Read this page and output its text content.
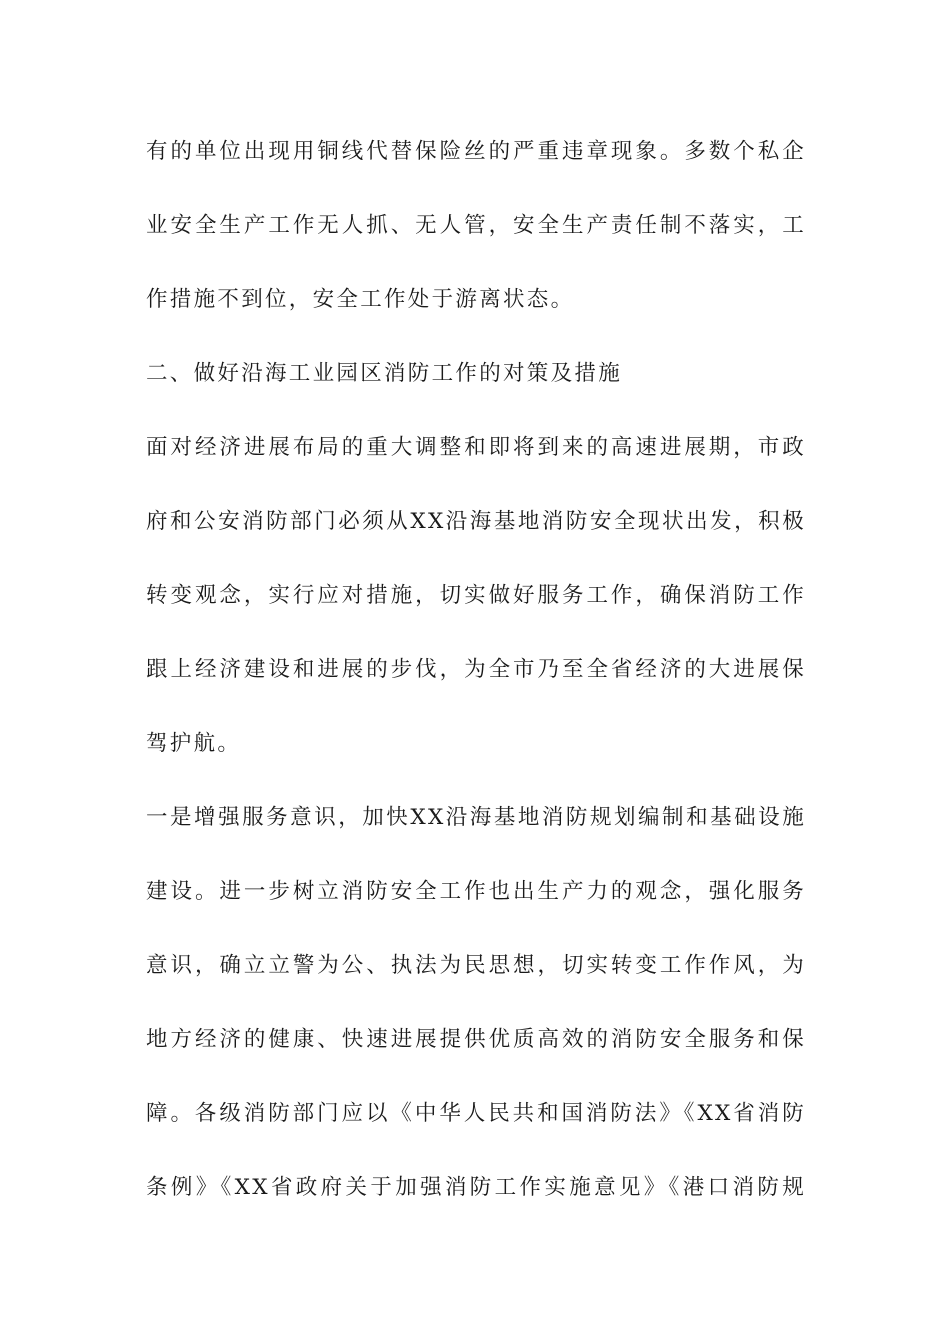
有的单位出现用铜线代替保险丝的严重违章现象。多数个私企
业安全生产工作无人抓、无人管，安全生产责任制不落实，工
作措施不到位，安全工作处于游离状态。
二、做好沿海工业园区消防工作的对策及措施
面对经济进展布局的重大调整和即将到来的高速进展期，市政
府和公安消防部门必须从XX沿海基地消防安全现状出发，积极
转变观念，实行应对措施，切实做好服务工作，确保消防工作
跟上经济建设和进展的步伐，为全市乃至全省经济的大进展保
驾护航。
一是增强服务意识，加快XX沿海基地消防规划编制和基础设施
建设。进一步树立消防安全工作也出生产力的观念，强化服务
意识，确立立警为公、执法为民思想，切实转变工作作风，为
地方经济的健康、快速进展提供优质高效的消防安全服务和保
障。各级消防部门应以《中华人民共和国消防法》《XX省消防
条例》《XX省政府关于加强消防工作实施意见》《港口消防规
